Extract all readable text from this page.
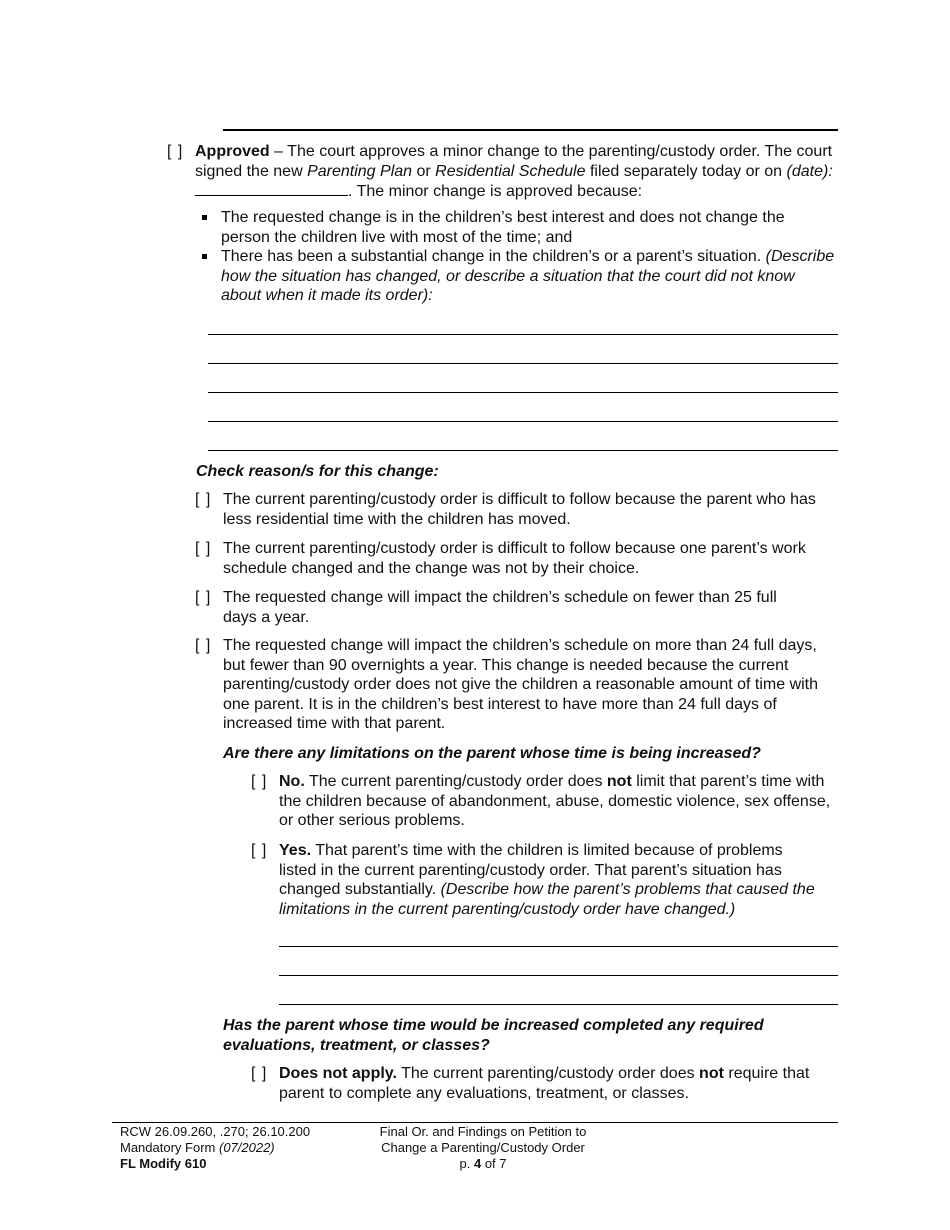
[ ] Approved – The court approves a minor change to the parenting/custody order. The court signed the new Parenting Plan or Residential Schedule filed separately today or on (date): . The minor change is approved because:
The requested change is in the children’s best interest and does not change the person the children live with most of the time; and
There has been a substantial change in the children’s or a parent’s situation. (Describe how the situation has changed, or describe a situation that the court did not know about when it made its order):
Check reason/s for this change:
[ ] The current parenting/custody order is difficult to follow because the parent who has less residential time with the children has moved.
[ ] The current parenting/custody order is difficult to follow because one parent’s work schedule changed and the change was not by their choice.
[ ] The requested change will impact the children’s schedule on fewer than 25 full days a year.
[ ] The requested change will impact the children’s schedule on more than 24 full days, but fewer than 90 overnights a year. This change is needed because the current parenting/custody order does not give the children a reasonable amount of time with one parent. It is in the children’s best interest to have more than 24 full days of increased time with that parent.
Are there any limitations on the parent whose time is being increased?
[ ] No. The current parenting/custody order does not limit that parent’s time with the children because of abandonment, abuse, domestic violence, sex offense, or other serious problems.
[ ] Yes. That parent’s time with the children is limited because of problems listed in the current parenting/custody order. That parent’s situation has changed substantially. (Describe how the parent’s problems that caused the limitations in the current parenting/custody order have changed.)
Has the parent whose time would be increased completed any required evaluations, treatment, or classes?
[ ] Does not apply. The current parenting/custody order does not require that parent to complete any evaluations, treatment, or classes.
RCW 26.09.260, .270; 26.10.200
Mandatory Form (07/2022)
FL Modify 610
Final Or. and Findings on Petition to
Change a Parenting/Custody Order
p. 4 of 7
